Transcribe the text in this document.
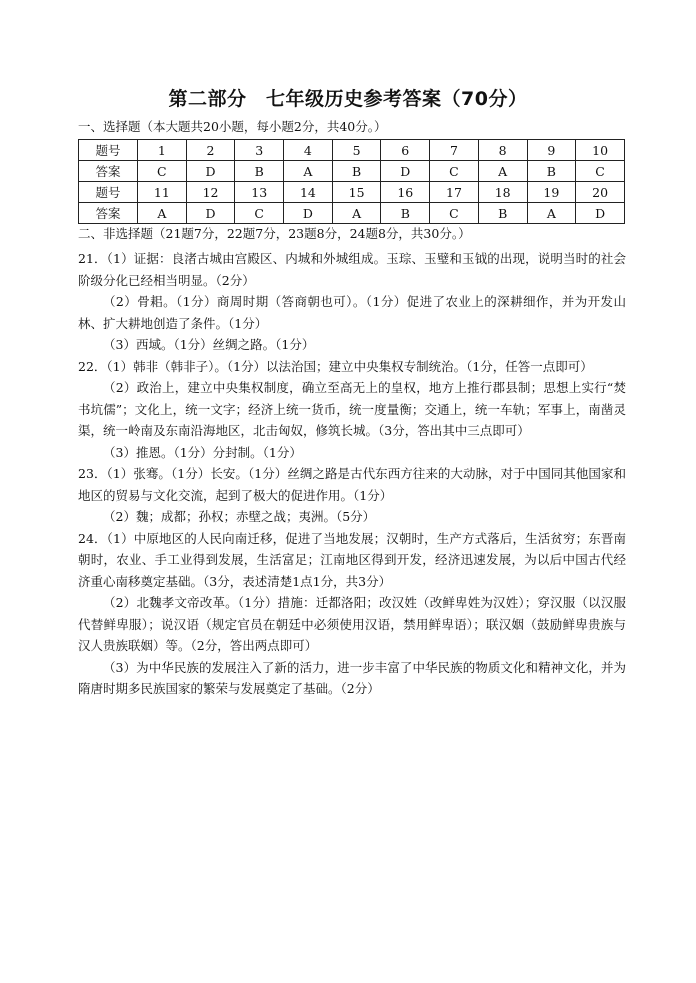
第二部分　七年级历史参考答案（70分）
一、选择题（本大题共20小题，每小题2分，共40分。）
题号	1	2	3	4	5	6	7	8	9	10
答案	C	D	B	A	B	D	C	A	B	C
题号	11	12	13	14	15	16	17	18	19	20
答案	A	D	C	D	A	B	C	B	A	D
二、非选择题（21题7分，22题7分，23题8分，24题8分，共30分。）

21．（1）证据：良渚古城由宫殿区、内城和外城组成。玉琮、玉璧和玉钺的出现，说明当时的社会阶级分化已经相当明显。（2分）

（2）骨耜。（1分）商周时期（答商朝也可）。（1分）促进了农业上的深耕细作，并为开发山林、扩大耕地创造了条件。（1分）

（3）西域。（1分）丝绸之路。（1分）

22．（1）韩非（韩非子）。（1分）以法治国；建立中央集权专制统治。（1分，任答一点即可）

（2）政治上，建立中央集权制度，确立至高无上的皇权，地方上推行郡县制；思想上实行“焚书坑儒”；文化上，统一文字；经济上统一货币，统一度量衡；交通上，统一车轨；军事上，南凿灵渠，统一岭南及东南沿海地区，北击匈奴，修筑长城。（3分，答出其中三点即可）

（3）推恩。（1分）分封制。（1分）

23．（1）张骞。（1分）长安。（1分）丝绸之路是古代东西方往来的大动脉，对于中国同其他国家和地区的贸易与文化交流，起到了极大的促进作用。（1分）

（2）魏；成都；孙权；赤壁之战；夷洲。（5分）

24．（1）中原地区的人民向南迁移，促进了当地发展；汉朝时，生产方式落后，生活贫穷；东晋南朝时，农业、手工业得到发展，生活富足；江南地区得到开发，经济迅速发展，为以后中国古代经济重心南移奠定基础。（3分，表述清楚1点1分，共3分）

（2）北魏孝文帝改革。（1分）措施：迁都洛阳；改汉姓（改鲜卑姓为汉姓）；穿汉服（以汉服代替鲜卑服）；说汉语（规定官员在朝廷中必须使用汉语，禁用鲜卑语）；联汉姻（鼓励鲜卑贵族与汉人贵族联姻）等。（2分，答出两点即可）

（3）为中华民族的发展注入了新的活力，进一步丰富了中华民族的物质文化和精神文化，并为隋唐时期多民族国家的繁荣与发展奠定了基础。（2分）
